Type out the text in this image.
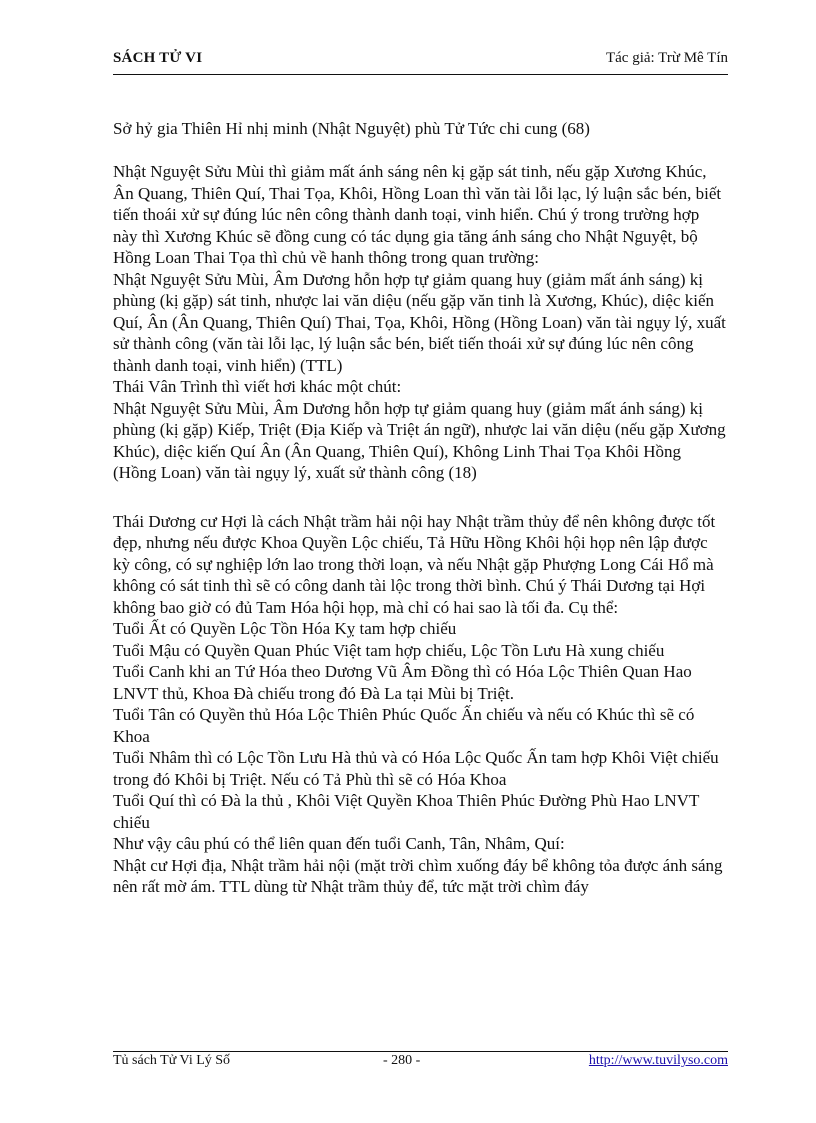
SÁCH TỬ VI	Tác giả: Trừ Mê Tín

Sở hỷ gia Thiên Hỉ nhị minh (Nhật Nguyệt) phù Tử Tức chi cung (68)

Nhật Nguyệt Sửu Mùi thì giảm mất ánh sáng nên kị gặp sát tinh, nếu gặp Xương Khúc, Ân Quang, Thiên Quí, Thai Tọa, Khôi, Hồng Loan thì văn tài lỗi lạc, lý luận sắc bén, biết tiến thoái xử sự đúng lúc nên công thành danh toại, vinh hiển. Chú ý trong trường hợp này thì Xương Khúc sẽ đồng cung có tác dụng gia tăng ánh sáng cho Nhật Nguyệt, bộ Hồng Loan Thai Tọa thì chủ về hanh thông trong quan trường:

Nhật Nguyệt Sửu Mùi, Âm Dương hỗn hợp tự giảm quang huy (giảm mất ánh sáng) kị phùng (kị gặp) sát tinh, nhược lai văn diệu (nếu gặp văn tinh là Xương, Khúc), diệc kiến Quí, Ân (Ân Quang, Thiên Quí) Thai, Tọa, Khôi, Hồng (Hồng Loan) văn tài ngụy lý, xuất sử thành công (văn tài lỗi lạc, lý luận sắc bén, biết tiến thoái xử sự đúng lúc nên công thành danh toại, vinh hiển) (TTL)

Thái Vân Trình thì viết hơi khác một chút:

Nhật Nguyệt Sửu Mùi, Âm Dương hỗn hợp tự giảm quang huy (giảm mất ánh sáng) kị phùng (kị gặp) Kiếp, Triệt (Địa Kiếp và Triệt án ngữ), nhược lai văn diệu (nếu gặp Xương Khúc), diệc kiến Quí Ân (Ân Quang, Thiên Quí), Không Linh Thai Tọa Khôi Hồng (Hồng Loan) văn tài ngụy lý, xuất sử thành công (18)

Thái Dương cư Hợi là cách Nhật trầm hải nội hay Nhật trầm thủy để nên không được tốt đẹp, nhưng nếu được Khoa Quyền Lộc chiếu, Tả Hữu Hồng Khôi hội họp nên lập được kỳ công, có sự nghiệp lớn lao trong thời loạn, và nếu Nhật gặp Phượng Long Cái Hổ mà không có sát tinh thì sẽ có công danh tài lộc trong thời bình. Chú ý Thái Dương tại Hợi không bao giờ có đủ Tam Hóa hội họp, mà chỉ có hai sao là tối đa. Cụ thể:

Tuổi Ất có Quyền Lộc Tồn Hóa Kỵ tam hợp chiếu

Tuổi Mậu có Quyền Quan Phúc Việt tam hợp chiếu, Lộc Tồn Lưu Hà xung chiếu

Tuổi Canh khi an Tứ Hóa theo Dương Vũ Âm Đồng thì có Hóa Lộc Thiên Quan Hao LNVT thủ, Khoa Đà chiếu trong đó Đà La tại Mùi bị Triệt.

Tuổi Tân có Quyền thủ Hóa Lộc Thiên Phúc Quốc Ấn chiếu và nếu có Khúc thì sẽ có Khoa

Tuổi Nhâm thì có Lộc Tồn Lưu Hà thủ và có Hóa Lộc Quốc Ấn tam hợp Khôi Việt chiếu trong đó Khôi bị Triệt. Nếu có Tả Phù thì sẽ có Hóa Khoa

Tuổi Quí thì có Đà la thủ , Khôi Việt Quyền Khoa Thiên Phúc Đường Phù Hao LNVT chiếu

Như vậy câu phú có thể liên quan đến tuổi Canh, Tân, Nhâm, Quí:

Nhật cư Hợi địa, Nhật trầm hải nội (mặt trời chìm xuống đáy bể không tỏa được ánh sáng nên rất mờ ám. TTL dùng từ Nhật trầm thủy để, tức mặt trời chìm đáy

Tủ sách Tử Vi Lý Số	- 280 -	http://www.tuvilyso.com
